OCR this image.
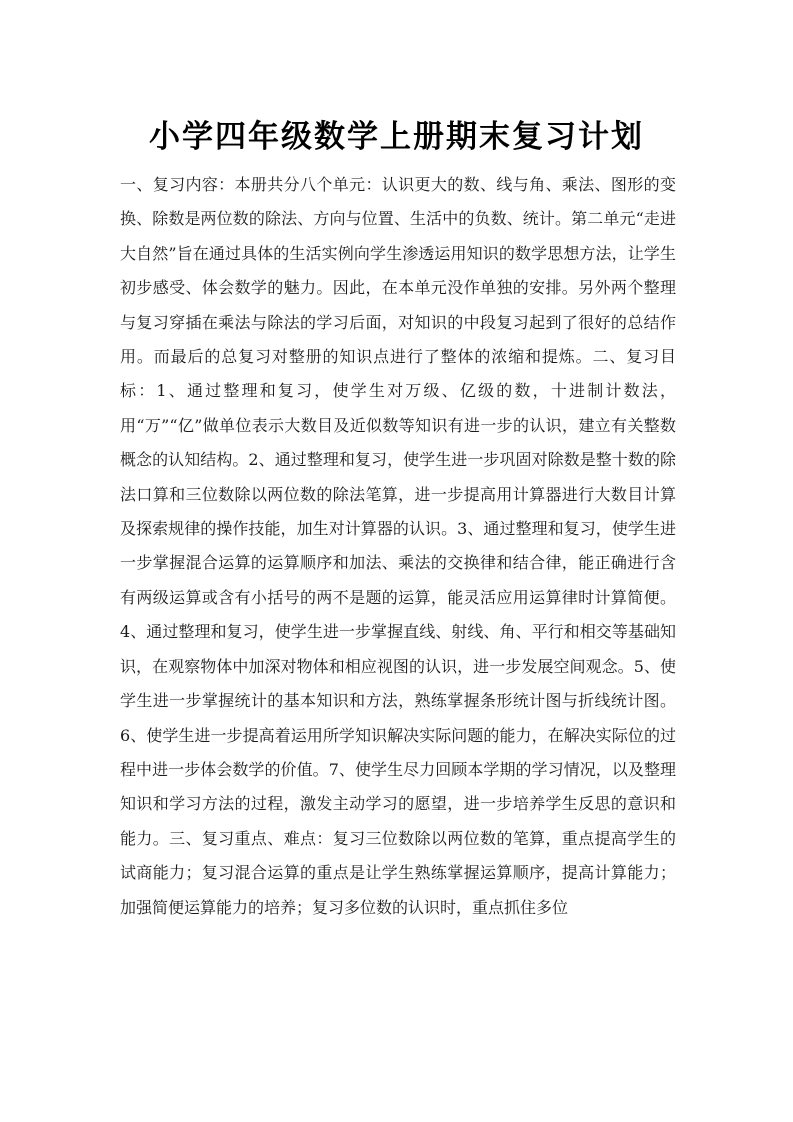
小学四年级数学上册期末复习计划

一、复习内容：本册共分八个单元：认识更大的数、线与角、乘法、图形的变换、除数是两位数的除法、方向与位置、生活中的负数、统计。第二单元“走进大自然”旨在通过具体的生活实例向学生渗透运用知识的数学思想方法，让学生初步感受、体会数学的魅力。因此，在本单元没作单独的安排。另外两个整理与复习穿插在乘法与除法的学习后面，对知识的中段复习起到了很好的总结作用。而最后的总复习对整册的知识点进行了整体的浓缩和提炼。二、复习目标：1、通过整理和复习，使学生对万级、亿级的数，十进制计数法，用“万”“亿”做单位表示大数目及近似数等知识有进一步的认识，建立有关整数概念的认知结构。2、通过整理和复习，使学生进一步巩固对除数是整十数的除法口算和三位数除以两位数的除法笔算，进一步提高用计算器进行大数目计算及探索规律的操作技能，加生对计算器的认识。3、通过整理和复习，使学生进一步掌握混合运算的运算顺序和加法、乘法的交换律和结合律，能正确进行含有两级运算或含有小括号的两不是题的运算，能灵活应用运算律时计算简便。4、通过整理和复习，使学生进一步掌握直线、射线、角、平行和相交等基础知识，在观察物体中加深对物体和相应视图的认识，进一步发展空间观念。5、使学生进一步掌握统计的基本知识和方法，熟练掌握条形统计图与折线统计图。6、使学生进一步提高着运用所学知识解决实际问题的能力，在解决实际位的过程中进一步体会数学的价值。7、使学生尽力回顾本学期的学习情况，以及整理知识和学习方法的过程，激发主动学习的愿望，进一步培养学生反思的意识和能力。三、复习重点、难点：复习三位数除以两位数的笔算，重点提高学生的试商能力；复习混合运算的重点是让学生熟练掌握运算顺序，提高计算能力；加强简便运算能力的培养；复习多位数的认识时，重点抓住多位
